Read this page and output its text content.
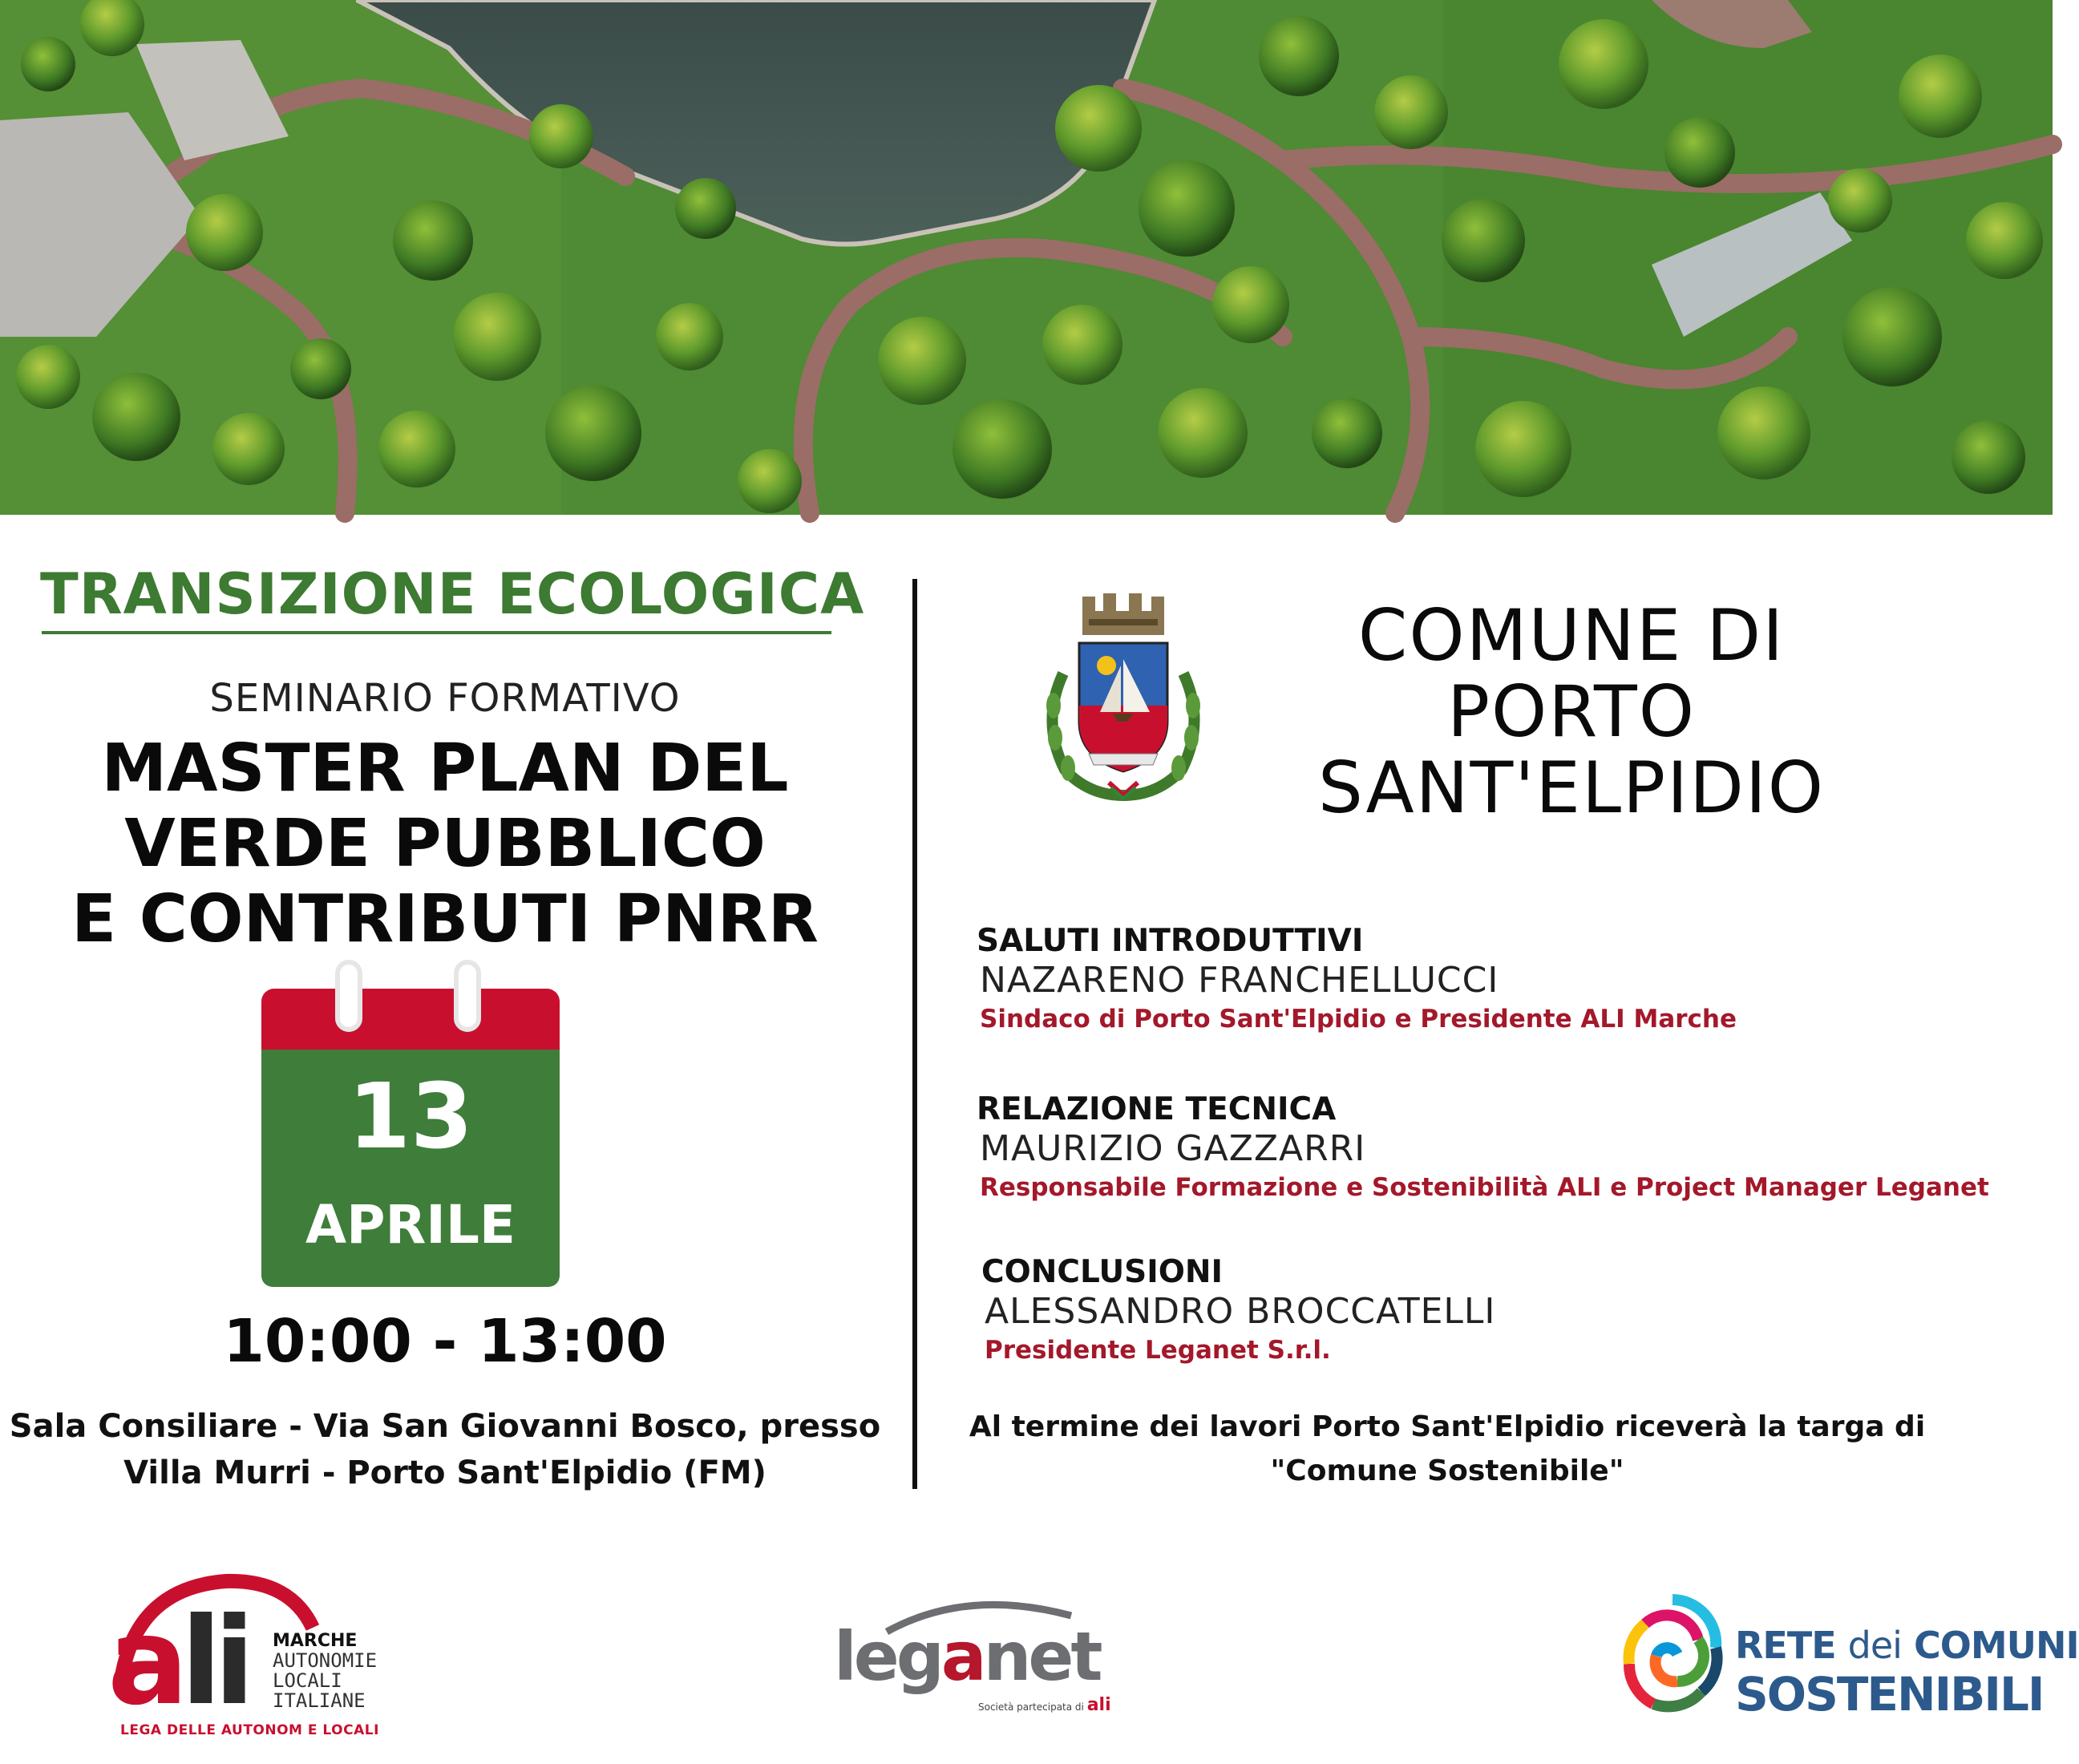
TRANSIZIONE ECOLOGICA
SEMINARIO FORMATIVO
MASTER PLAN DEL
VERDE PUBBLICO
E CONTRIBUTI PNRR
13
APRILE
10:00 - 13:00
Sala Consiliare - Via San Giovanni Bosco, presso
Villa Murri - Porto Sant'Elpidio (FM)
COMUNE DI
PORTO
SANT'ELPIDIO
SALUTI INTRODUTTIVI
NAZARENO FRANCHELLUCCI
Sindaco di Porto Sant'Elpidio e Presidente ALI Marche
RELAZIONE TECNICA
MAURIZIO GAZZARRI
Responsabile Formazione e Sostenibilità ALI e Project Manager Leganet
CONCLUSIONI
ALESSANDRO BROCCATELLI
Presidente Leganet S.r.l.
Al termine dei lavori Porto Sant'Elpidio riceverà la targa di
"Comune Sostenibile"
ali MARCHE
AUTONOMIE
LOCALI
ITALIANE
LEGA DELLE AUTONOM E LOCALI
leganet
Società partecipata di ali
RETE dei COMUNI
SOSTENIBILI
